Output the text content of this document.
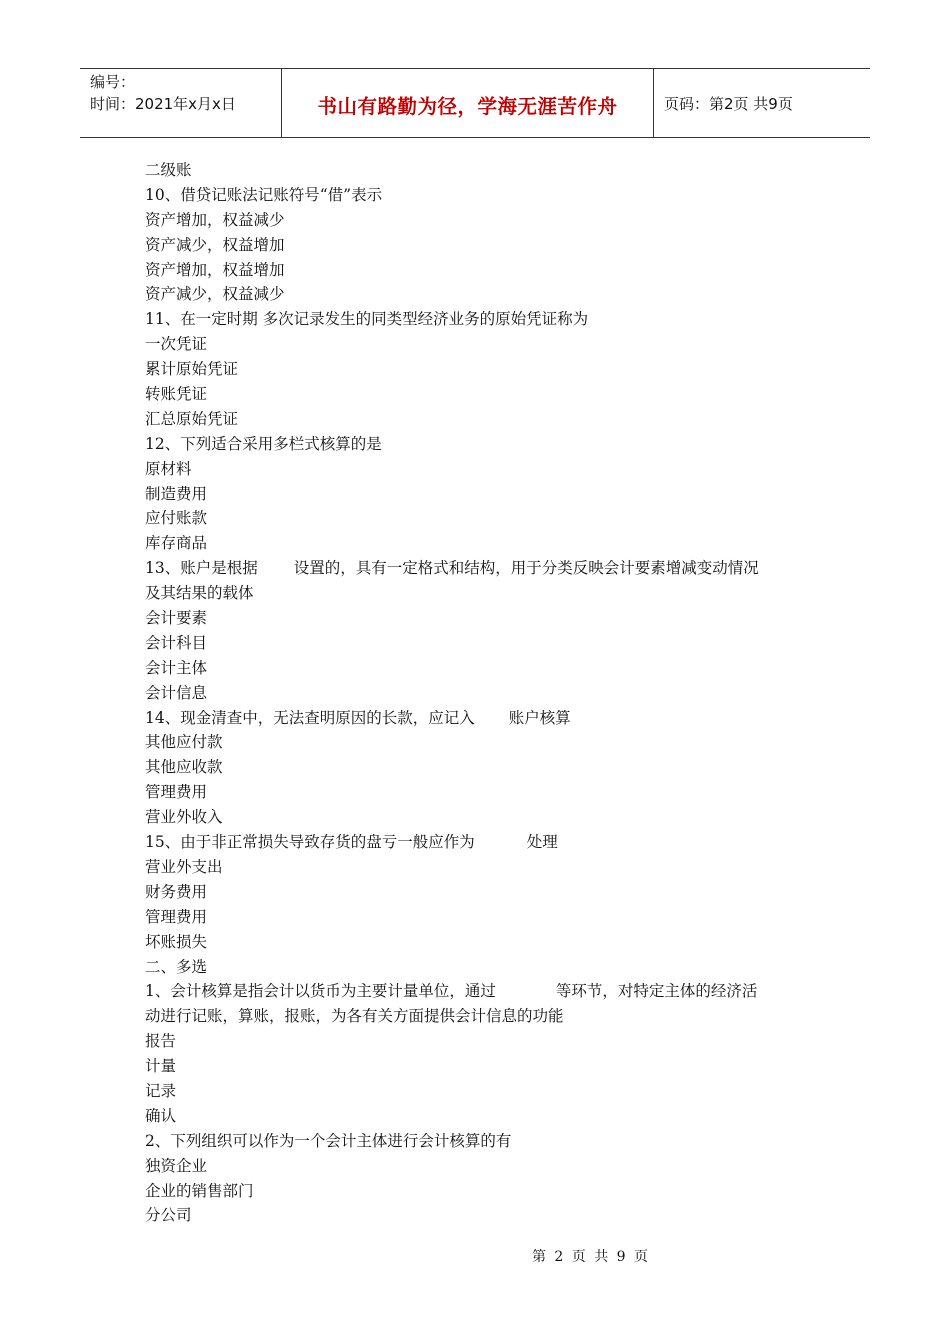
编号：
时间：2021年x月x日	书山有路勤为径，学海无涯苦作舟	页码：第2页 共9页
二级账
10、借贷记账法记账符号“借”表示
资产增加，权益减少
资产减少，权益增加
资产增加，权益增加
资产减少，权益减少
11、在一定时期 多次记录发生的同类型经济业务的原始凭证称为
一次凭证
累计原始凭证
转账凭证
汇总原始凭证
12、下列适合采用多栏式核算的是
原材料
制造费用
应付账款
库存商品
13、账户是根据 设置的，具有一定格式和结构，用于分类反映会计要素增减变动情况
及其结果的载体
会计要素
会计科目
会计主体
会计信息
14、现金清查中，无法查明原因的长款，应记入 账户核算
其他应付款
其他应收款
管理费用
营业外收入
15、由于非正常损失导致存货的盘亏一般应作为	处理
营业外支出
财务费用
管理费用
坏账损失
二、多选
1、会计核算是指会计以货币为主要计量单位，通过	等环节，对特定主体的经济活
动进行记账，算账，报账，为各有关方面提供会计信息的功能
报告
计量
记录
确认
2、下列组织可以作为一个会计主体进行会计核算的有
独资企业
企业的销售部门
分公司
第 2 页 共 9 页
